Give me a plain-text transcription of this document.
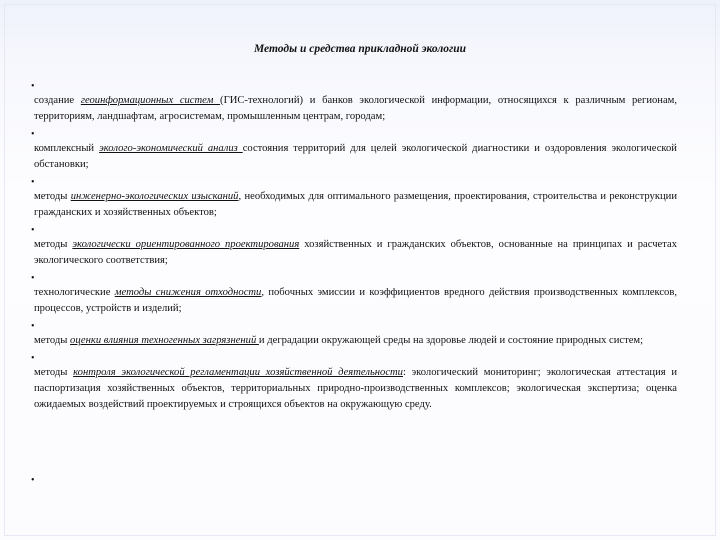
Методы и средства прикладной экологии
•

создание геоинформационных систем (ГИС-технологий) и банков экологической информации, относящихся к различным регионам, территориям, ландшафтам, агросистемам, промышленным центрам, городам;

•

комплексный эколого-экономический анализ состояния территорий для целей экологической диагностики и оздоровления экологической обстановки;

•

методы инженерно-экологических изысканий, необходимых для оптимального размещения, проектирования, строительства и реконструкции гражданских и хозяйственных объектов;

•

методы экологически ориентированного проектирования хозяйственных и гражданских объектов, основанные на принципах и расчетах экологического соответствия;

•

технологические методы снижения отходности, побочных эмиссии и коэффициентов вредного действия производственных комплексов, процессов, устройств и изделий;

•

методы оценки влияния техногенных загрязнений и деградации окружающей среды на здоровье людей и состояние природных систем;

•

методы контроля экологической регламентации хозяйственной деятельности: экологический мониторинг; экологическая аттестация и паспортизация хозяйственных объектов, территориальных природно-производственных комплексов; экологическая экспертиза; оценка ожидаемых воздействий проектируемых и строящихся объектов на окружающую среду.

•
